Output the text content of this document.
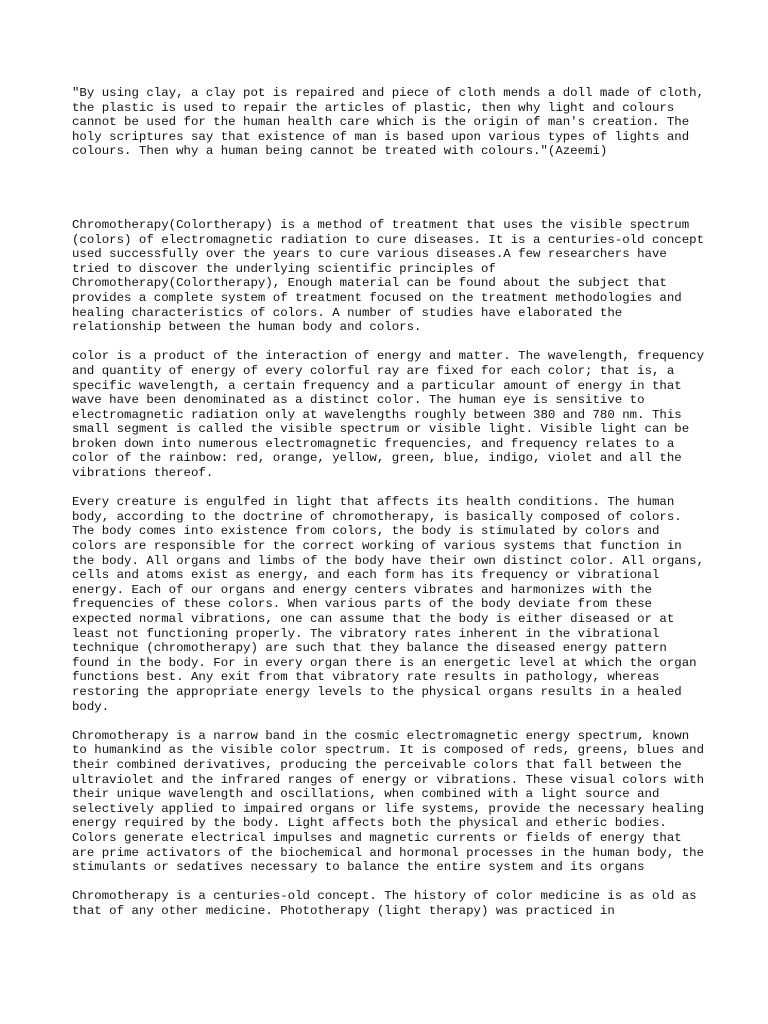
"By using clay, a clay pot is repaired and piece of cloth mends a doll made of cloth, the plastic is used to repair the articles of plastic, then why light and colours cannot be used for the human health care which is the origin of man's creation. The holy scriptures say that existence of man is based upon various types of lights and colours. Then why a human being cannot be treated with colours."(Azeemi)

Chromotherapy(Colortherapy) is a method of treatment that uses the visible spectrum (colors) of electromagnetic radiation to cure diseases. It is a centuries-old concept used successfully over the years to cure various diseases.A few researchers have tried to discover the underlying scientific principles of Chromotherapy(Colortherapy), Enough material can be found about the subject that provides a complete system of treatment focused on the treatment methodologies and healing characteristics of colors. A number of studies have elaborated the relationship between the human body and colors.

color is a product of the interaction of energy and matter. The wavelength, frequency and quantity of energy of every colorful ray are fixed for each color; that is, a specific wavelength, a certain frequency and a particular amount of energy in that wave have been denominated as a distinct color. The human eye is sensitive to electromagnetic radiation only at wavelengths roughly between 380 and 780 nm. This small segment is called the visible spectrum or visible light. Visible light can be broken down into numerous electromagnetic frequencies, and frequency relates to a color of the rainbow: red, orange, yellow, green, blue, indigo, violet and all the vibrations thereof.

Every creature is engulfed in light that affects its health conditions. The human body, according to the doctrine of chromotherapy, is basically composed of colors. The body comes into existence from colors, the body is stimulated by colors and colors are responsible for the correct working of various systems that function in the body. All organs and limbs of the body have their own distinct color. All organs, cells and atoms exist as energy, and each form has its frequency or vibrational energy. Each of our organs and energy centers vibrates and harmonizes with the frequencies of these colors. When various parts of the body deviate from these expected normal vibrations, one can assume that the body is either diseased or at least not functioning properly. The vibratory rates inherent in the vibrational technique (chromotherapy) are such that they balance the diseased energy pattern found in the body. For in every organ there is an energetic level at which the organ functions best. Any exit from that vibratory rate results in pathology, whereas restoring the appropriate energy levels to the physical organs results in a healed body.

Chromotherapy is a narrow band in the cosmic electromagnetic energy spectrum, known to humankind as the visible color spectrum. It is composed of reds, greens, blues and their combined derivatives, producing the perceivable colors that fall between the ultraviolet and the infrared ranges of energy or vibrations. These visual colors with their unique wavelength and oscillations, when combined with a light source and selectively applied to impaired organs or life systems, provide the necessary healing energy required by the body. Light affects both the physical and etheric bodies. Colors generate electrical impulses and magnetic currents or fields of energy that are prime activators of the biochemical and hormonal processes in the human body, the stimulants or sedatives necessary to balance the entire system and its organs

Chromotherapy is a centuries-old concept. The history of color medicine is as old as that of any other medicine. Phototherapy (light therapy) was practiced in
